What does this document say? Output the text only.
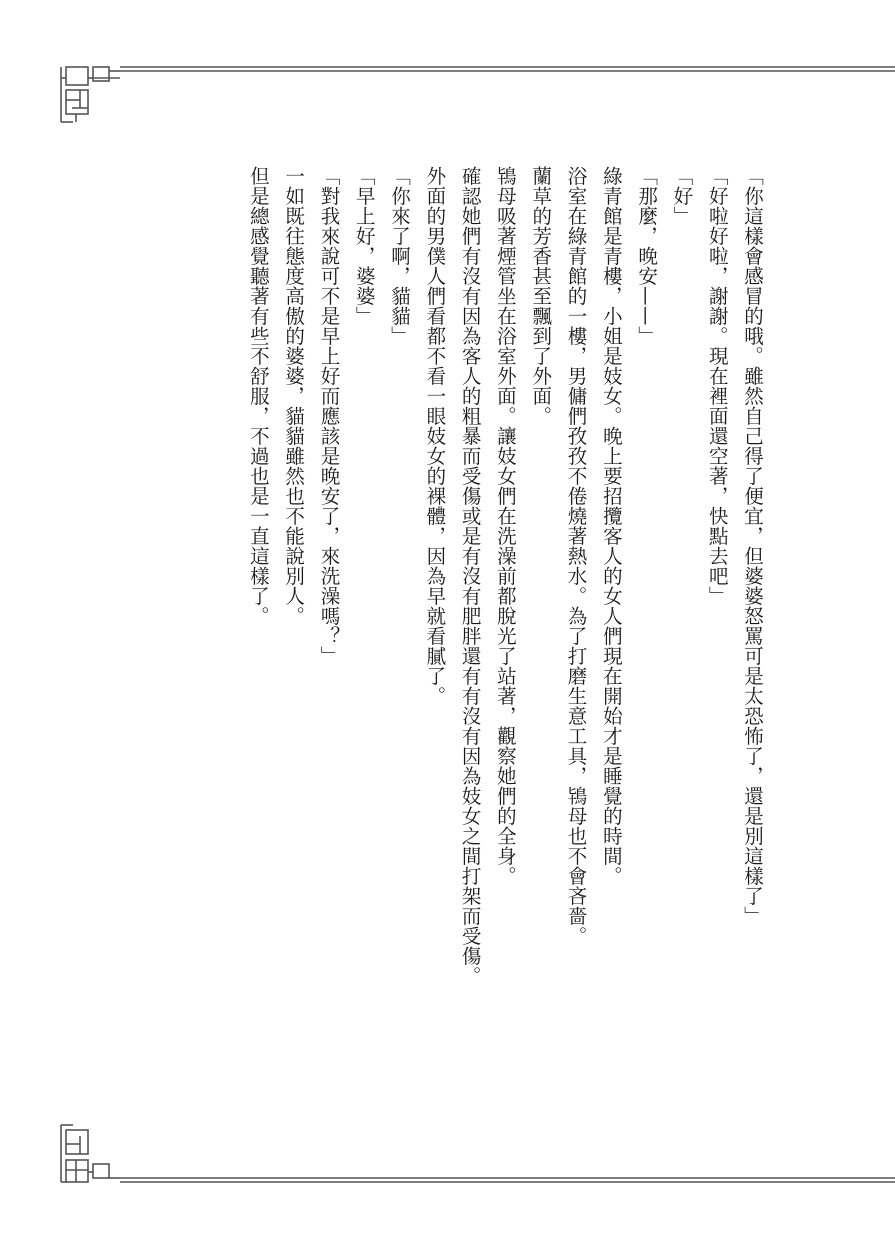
「你這樣會感冒的哦。雖然自己得了便宜，但婆婆怒罵可是太恐怖了，還是別這樣了」
「好啦好啦，謝謝。現在裡面還空著，快點去吧」
「好」
「那麼，晚安——」
綠青館是青樓，小姐是妓女。晚上要招攬客人的女人們現在開始才是睡覺的時間。
浴室在綠青館的一樓，男傭們孜孜不倦燒著熱水。為了打磨生意工具，鴇母也不會吝嗇。
蘭草的芳香甚至飄到了外面。
鴇母吸著煙管坐在浴室外面。讓妓女們在洗澡前都脫光了站著，觀察她們的全身。
確認她們有沒有因為客人的粗暴而受傷或是有沒有肥胖還有有沒有因為妓女之間打架而受傷。
外面的男僕人們看都不看一眼妓女的裸體，因為早就看膩了。
「你來了啊，貓貓」
「早上好，婆婆」
「對我來說可不是早上好而應該是晚安了，來洗澡嗎？」
一如既往態度高傲的婆婆，貓貓雖然也不能說別人。
但是總感覺聽著有些不舒服，不過也是一直這樣了。
